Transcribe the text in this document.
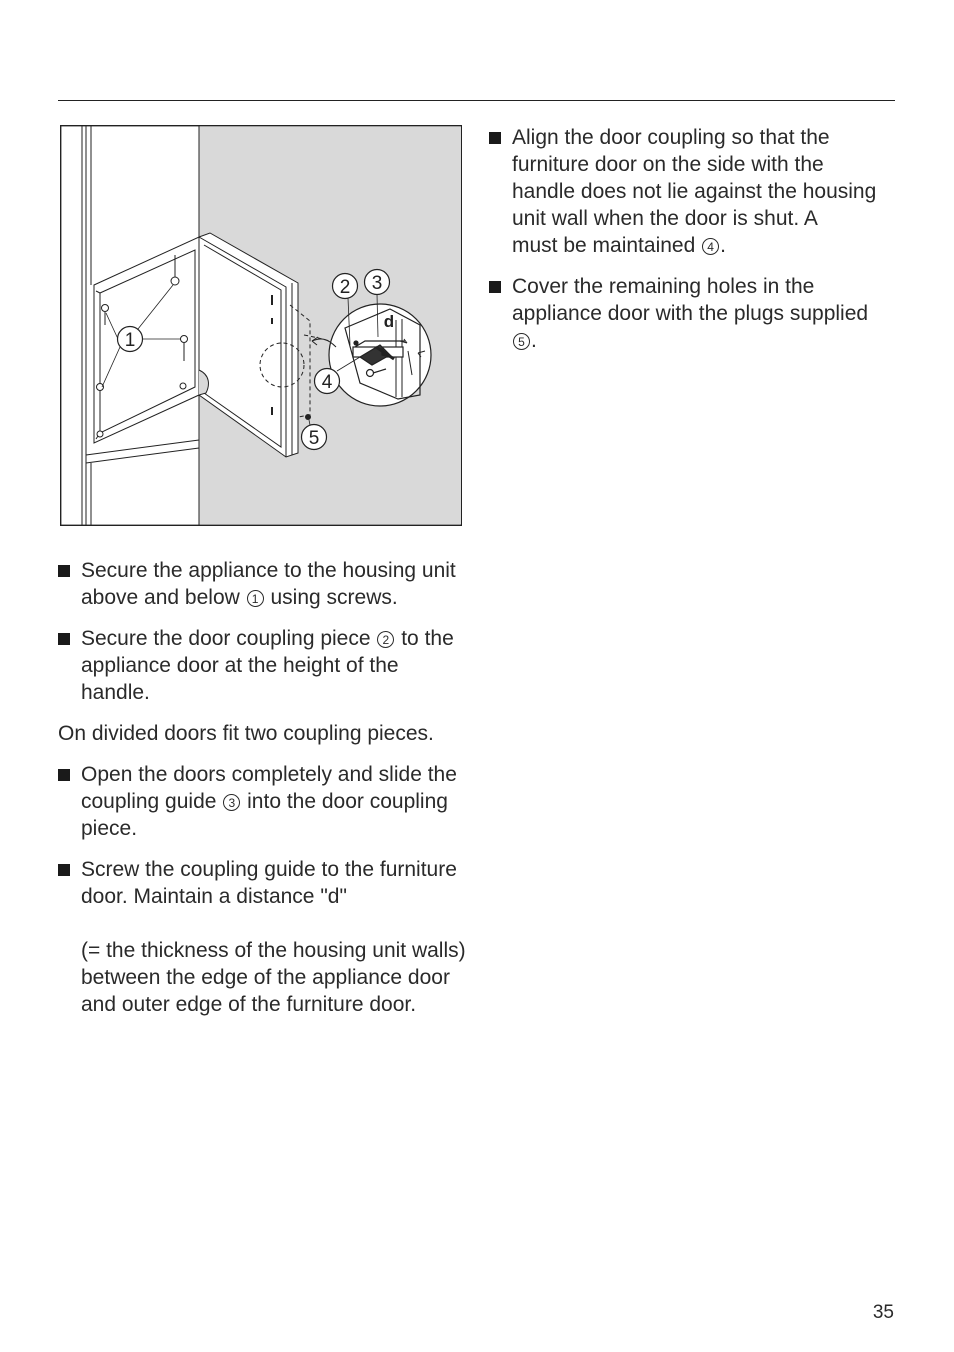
1
2 3
4
5
d
Secure the appliance to the housing unit above and below 1 using screws.
Secure the door coupling piece 2 to the appliance door at the height of the handle.
On divided doors fit two coupling pieces.
Open the doors completely and slide the coupling guide 3 into the door coupling piece.
Screw the coupling guide to the furniture door. Maintain a distance "d"
(= the thickness of the housing unit walls) between the edge of the appliance door and outer edge of the furniture door.
Align the door coupling so that the furniture door on the side with the handle does not lie against the housing unit wall when the door is shut. A
must be maintained 4 .
Cover the remaining holes in the appliance door with the plugs supplied 5 .
35
